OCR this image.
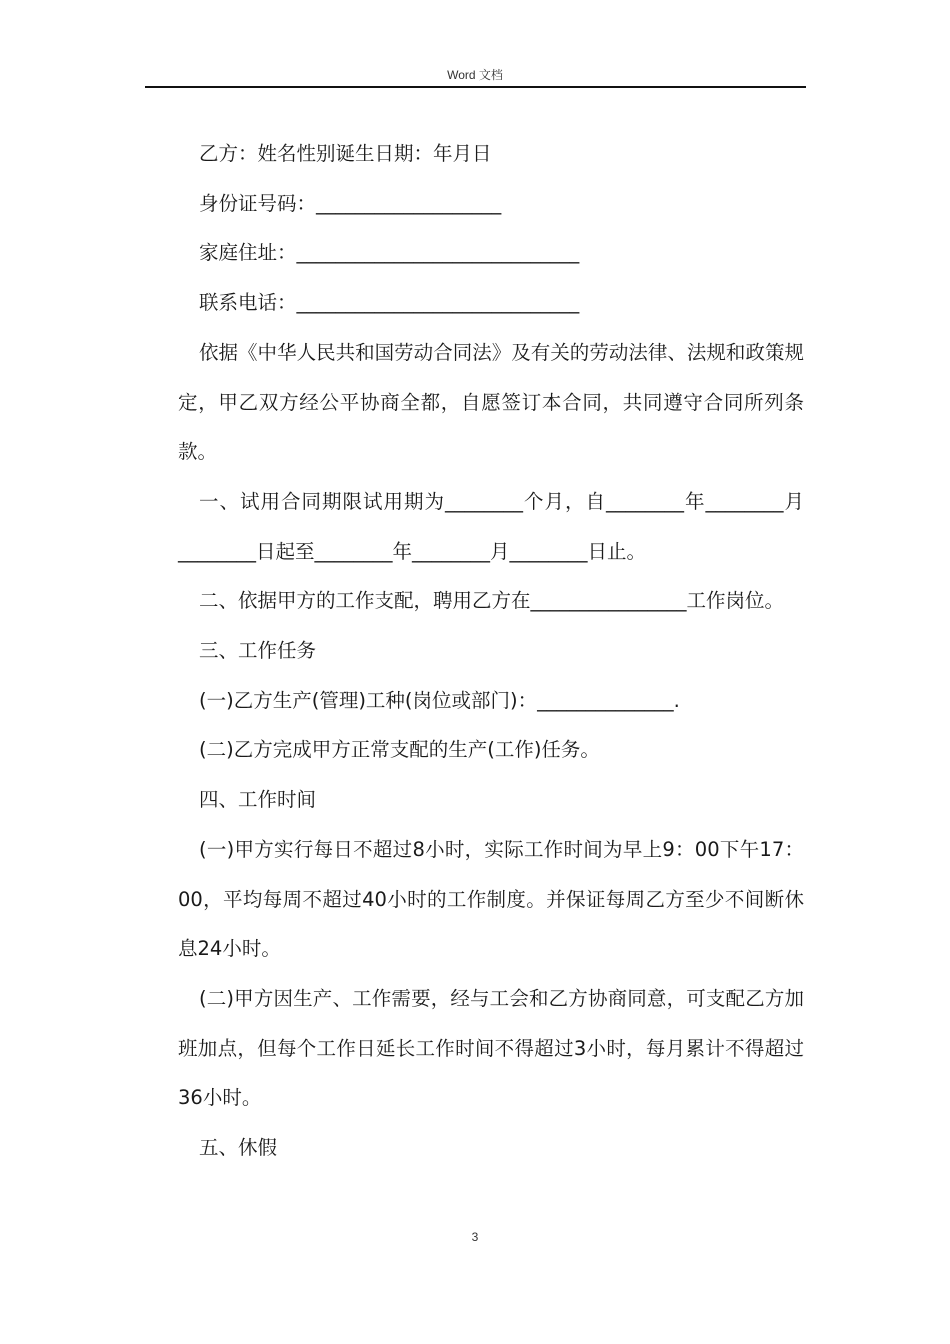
Word 文档

乙方：姓名性别诞生日期：年月日

身份证号码：___________________

家庭住址：_____________________________

联系电话：_____________________________

依据《中华人民共和国劳动合同法》及有关的劳动法律、法规和政策规定，甲乙双方经公平协商全都，自愿签订本合同，共同遵守合同所列条款。

一、试用合同期限试用期为________个月，自________年________月________日起至________年________月________日止。

二、依据甲方的工作支配，聘用乙方在________________工作岗位。

三、工作任务

(一)乙方生产(管理)工种(岗位或部门)：______________.

(二)乙方完成甲方正常支配的生产(工作)任务。

四、工作时间

(一)甲方实行每日不超过8小时，实际工作时间为早上9：00下午17：00，平均每周不超过40小时的工作制度。并保证每周乙方至少不间断休息24小时。

(二)甲方因生产、工作需要，经与工会和乙方协商同意，可支配乙方加班加点，但每个工作日延长工作时间不得超过3小时，每月累计不得超过36小时。

五、休假

3
